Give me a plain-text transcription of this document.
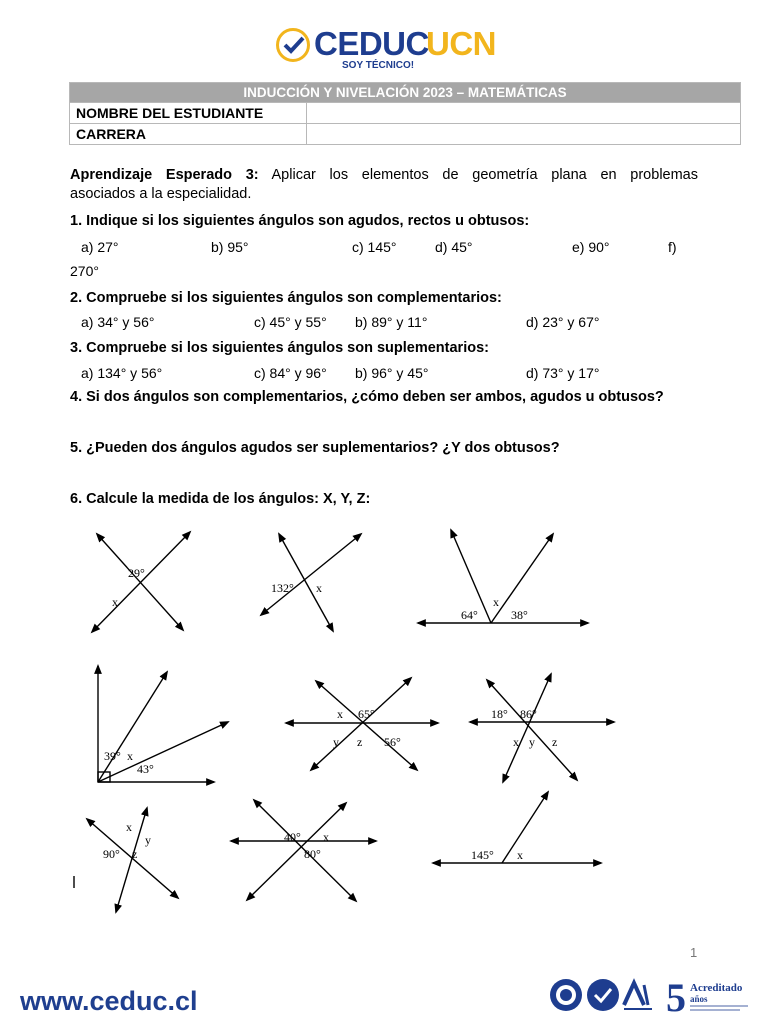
CEDUC
UCN
SOY TÉCNICO!
INDUCCIÓN Y NIVELACIÓN 2023 – MATEMÁTICAS	
NOMBRE DEL ESTUDIANTE	
CARRERA	
Aprendizaje Esperado 3: Aplicar los elementos de geometría plana en problemas
asociados a la especialidad.
1. Indique si los siguientes ángulos son agudos, rectos u obtusos:
a) 27°	b) 95°	c) 145°	d) 45°	e) 90°	f)
270°
2. Compruebe si los siguientes ángulos son complementarios:
a) 34° y 56°	c) 45° y 55° b) 89° y 11°	d) 23° y 67°
3. Compruebe si los siguientes ángulos son suplementarios:
a) 134° y 56°	c) 84° y 96° b) 96° y 45°	d) 73° y 17°
4. Si dos ángulos son complementarios, ¿cómo deben ser ambos, agudos u obtusos?
5. ¿Pueden dos ángulos agudos ser suplementarios? ¿Y dos obtusos?
6. Calcule la medida de los ángulos: X, Y, Z:
29°
x
132° x
x
64°	38°
39° x
43°
x 65°
y z 56°
18° 86°
x y z
x
y
90° z
40° x
80°	145° x
1
www.ceduc.cl	5 Acreditado
años
